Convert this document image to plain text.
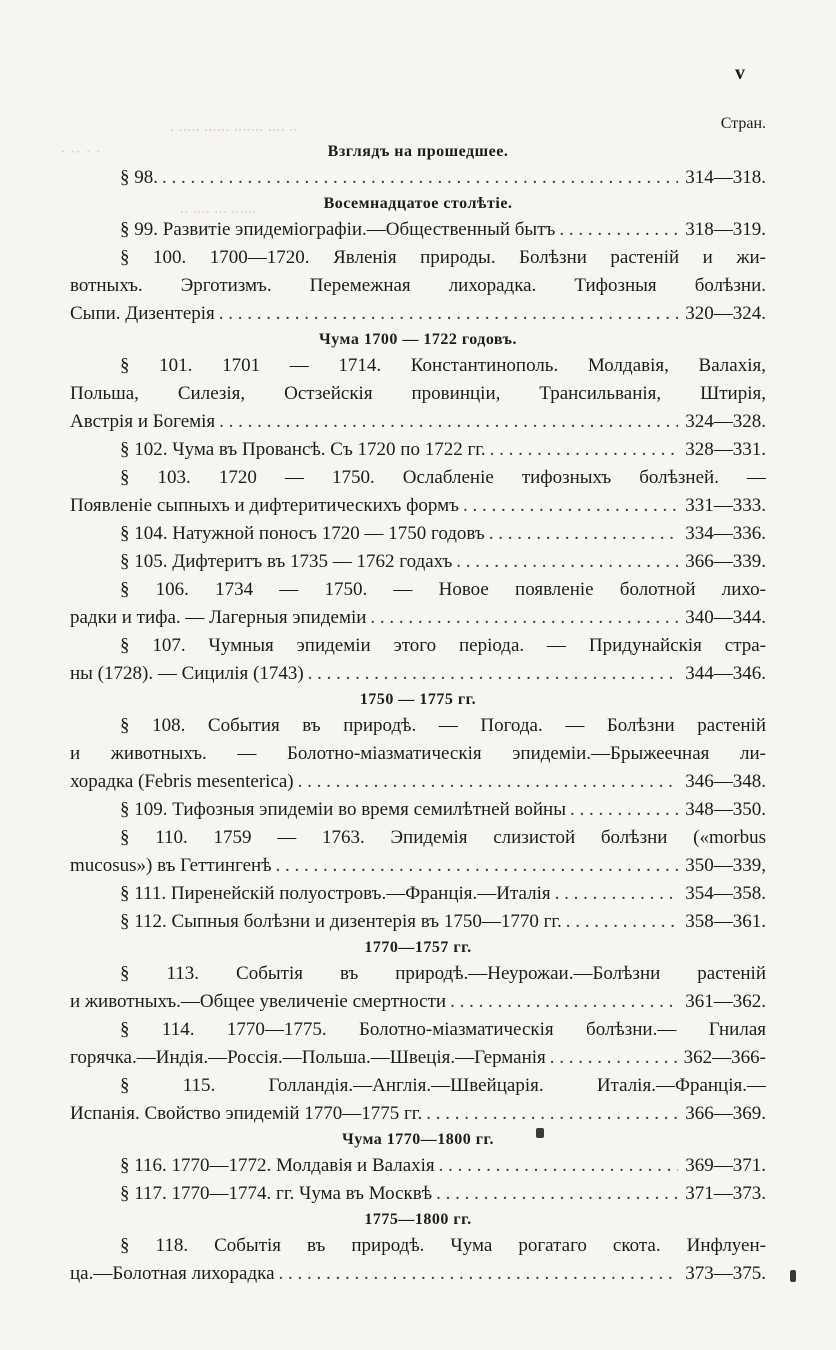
. ..... ...... ....... .... ..
· ·· · ·
.. .... ... ......
v
Стран.
Взглядъ на прошедшее.
§ 98. . . .	314—318.
Восемнадцатое столѣтіе.
§ 99. Развитіе эпидеміографіи.—Общественный бытъ . . .	318—319.
§ 100. 1700—1720. Явленія природы. Болѣзни растеній и жи-
вотныхъ. Эрготизмъ. Перемежная лихорадка. Тифозныя болѣзни.
Сыпи. Дизентерія . . .	320—324.
Чума 1700 — 1722 годовъ.
§ 101. 1701 — 1714. Константинополь. Молдавія, Валахія,
Польша, Силезія, Остзейскія провинціи, Трансильванія, Штирія,
Австрія и Богемія . . .	324—328.
§ 102. Чума въ Провансѣ. Съ 1720 по 1722 гг. . . .	328—331.
§ 103. 1720 — 1750. Ослабленіе тифозныхъ болѣзней. —
Появленіе сыпныхъ и дифтеритическихъ формъ . . .	331—333.
§ 104. Натужной поносъ 1720 — 1750 годовъ . . .	334—336.
§ 105. Дифтеритъ въ 1735 — 1762 годахъ . . .	366—339.
§ 106. 1734 — 1750. — Новое появленіе болотной лихо-
радки и тифа. — Лагерныя эпидеміи . . .	340—344.
§ 107. Чумныя эпидеміи этого періода. — Придунайскія стра-
ны (1728). — Сицилія (1743) . . .	344—346.
1750 — 1775 гг.
§ 108. События въ природѣ. — Погода. — Болѣзни растеній
и животныхъ. — Болотно-міазматическія эпидеміи.—Брыжеечная ли-
хорадка (Febris mesenterica) . . .	346—348.
§ 109. Тифозныя эпидеміи во время семилѣтней войны . . .	348—350.
§ 110. 1759 — 1763. Эпидемія слизистой болѣзни («morbus
mucosus») въ Геттингенѣ . . .	350—339,
§ 111. Пиренейскій полуостровъ.—Франція.—Италія . . .	354—358.
§ 112. Сыпныя болѣзни и дизентерія въ 1750—1770 гг. . . .	358—361.
1770—1757 гг.
§ 113. Событія въ природѣ.—Неурожаи.—Болѣзни растеній
и животныхъ.—Общее увеличеніе смертности . . .	361—362.
§ 114. 1770—1775. Болотно-міазматическія болѣзни.— Гнилая
горячка.—Индія.—Россія.—Польша.—Швеція.—Германія . . .	362—366-
§ 115. Голландія.—Англія.—Швейцарія. Италія.—Франція.—
Испанія. Свойство эпидемій 1770—1775 гг. . . .	366—369.
Чума 1770—1800 гг.
§ 116. 1770—1772. Молдавія и Валахія . . .	369—371.
§ 117. 1770—1774. гг. Чума въ Москвѣ . . .	371—373.
1775—1800 гг.
§ 118. Событія въ природѣ. Чума рогатаго скота. Инфлуен-
ца.—Болотная лихорадка . . .	373—375.
